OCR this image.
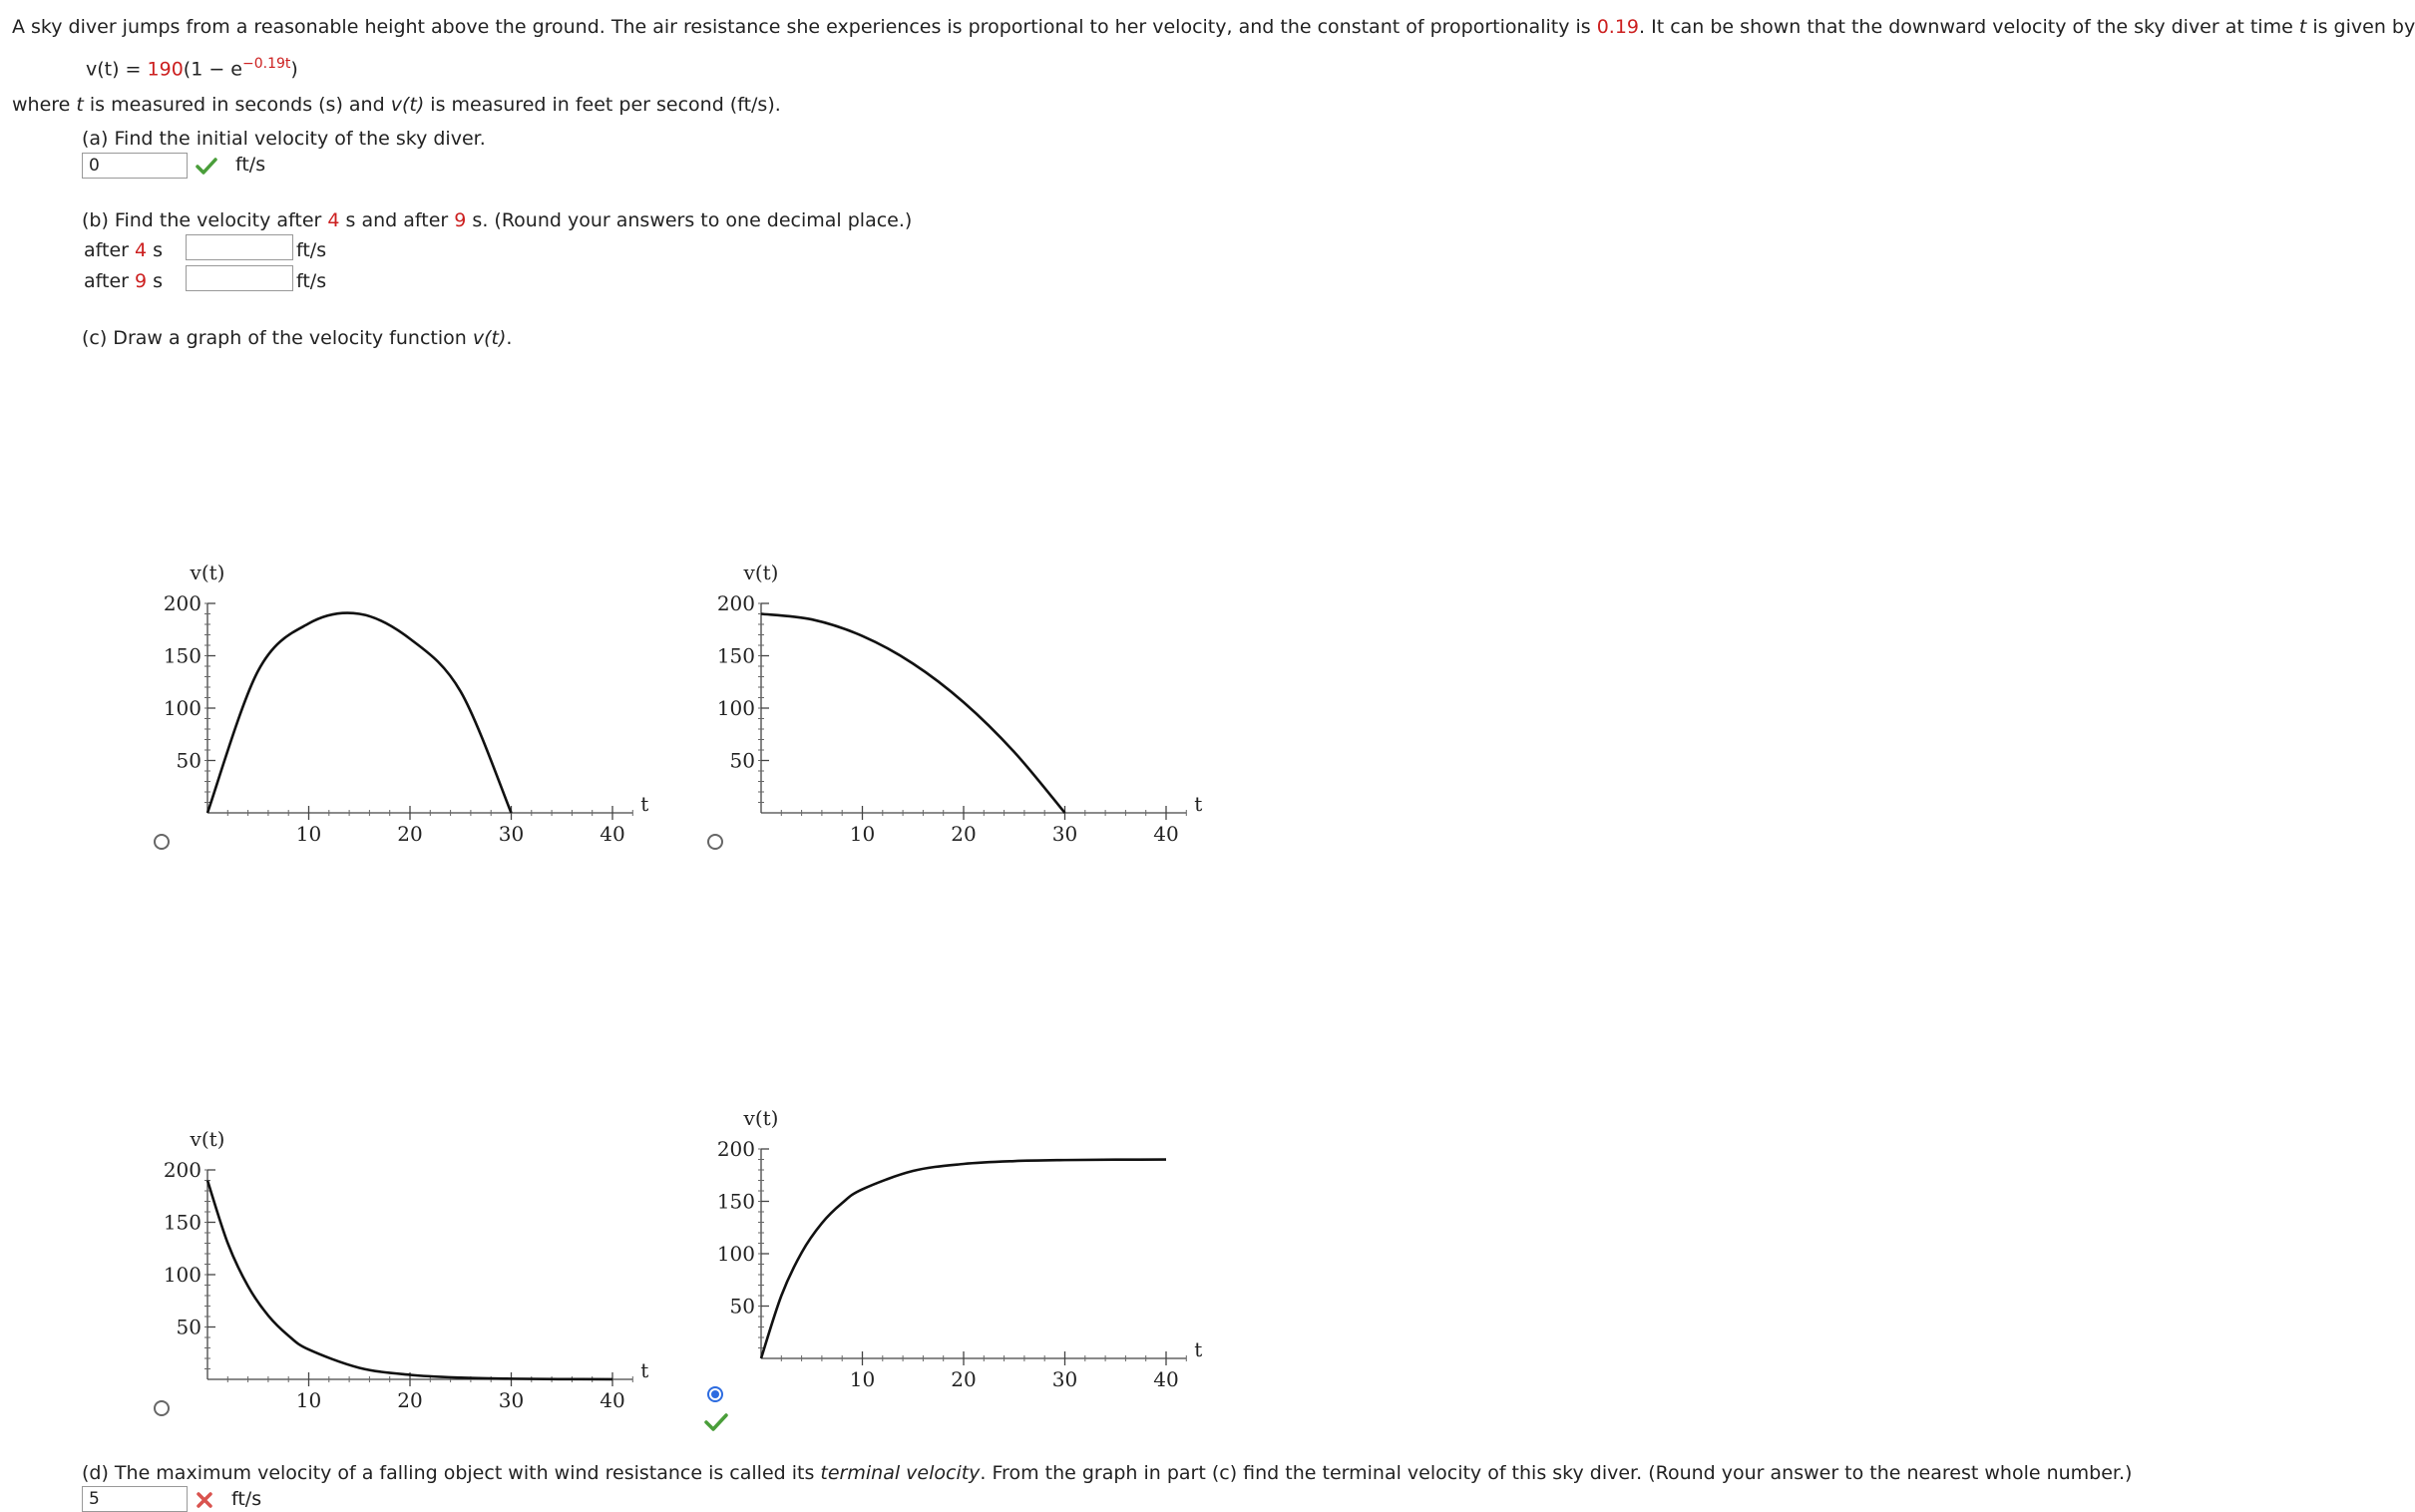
A sky diver jumps from a reasonable height above the ground. The air resistance she experiences is proportional to her velocity, and the constant of proportionality is 0.19. It can be shown that the downward velocity of the sky diver at time t is given by
$v(t) = 190(1 - e^{-0.19t})$
where t is measured in seconds (s) and v(t) is measured in feet per second (ft/s).
(a) Find the initial velocity of the sky diver.
0
ft/s
(b) Find the velocity after 4 s and after 9 s. (Round your answers to one decimal place.)
after 4 s	ft/s
after 9 s	ft/s
(c) Draw a graph of the velocity function v(t).
10	20	30	40
50
100
150
200
v(t)
t
10	20	30	40
50
100
150
200
v(t)
t
10	20	30	40
50
100
150
200
v(t)
t	10	20	30	40
50
100
150
200
v(t)
t
(d) The maximum velocity of a falling object with wind resistance is called its terminal velocity. From the graph in part (c) find the terminal velocity of this sky diver. (Round your answer to the nearest whole number.)
5
ft/s
